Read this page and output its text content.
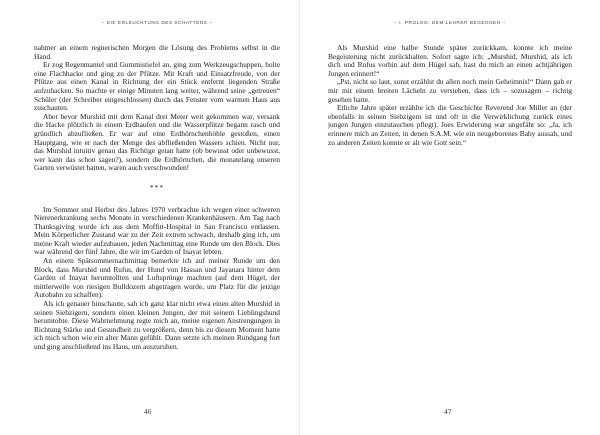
– DIE ERLEUCHTUNG DES SCHATTENS –

nahmer an einem regnerischen Morgen die Lösung des Problems selbst in die Hand.

Er zog Regenmantel und Gummistiefel an, ging zum Werkzeugschuppen, holte eine Flachhacke und ging zu der Pfütze. Mit Kraft und Einsatzfreude, von der Pfütze aus einen Kanal in Richtung der ein Stück entfernt liegenden Straße aufzuhacken. So machte er einige Minuten lang weiter, während seine „getreuen“ Schüler (der Schreiber eingeschlossen) durch das Fenster vom warmen Haus aus zuschauten.

Aber bevor Murshid mit dem Kanal drei Meter weit gekommen war, versank die Hacke plötzlich in einem Erdhaufen und die Wasserpfütze begann rasch und gründlich abzufließen. Er war auf eine Erdhörnchenhöhle gestoßen, einen Hauptgang, wie er nach der Menge des abfließenden Wassers schien. Nicht nur, das Murshid intuitiv genau das Richtige getan hatte (ob bewusst oder unbewusst, wer kann das schon sagen?), sondern die Erdhörnchen, die monatelang unseren Garten verwüstet hatten, waren auch verschwunden!

***

Im Sommer und Herbst des Jahres 1970 verbrachte ich wegen einer schweren Nierenerkrankung sechs Monate in verschiedenen Krankenhäusern. Am Tag nach Thanksgiving wurde ich aus dem Moffitt-Hospital in San Francisco entlassen. Mein Körperlicher Zustand war zu der Zeit extrem schwach, deshalb ging ich, um meine Kraft wieder aufzubauen, jeden Nachmittag eine Runde um den Block. Dies war während der fünf Jahre, die wir im Garden of Inayat lebten.

An einem Spätsommernachmittag bemerkte ich auf meiner Runde um den Block, dass Murshid und Rufus, der Hund von Hassan und Jayanara hinter dem Garden of Inayat herumtollten und Luftsprünge machten (auf dem Hügel, der mittlerweile von riesigen Bulldozern abgetragen wurde, um Platz für die jetzige Autobahn zu schaffen).

Als ich genauer hinschaute, sah ich ganz klar nicht etwa einen alten Murshid in seinen Siebzigern, sondern einen kleinen Jungen, der mit seinem Lieblingshund herumtobte. Diese Wahrnehmung regte mich an, meine eigenen Anstrengungen in Richtung Stärke und Gesundheit zu vergrößern, denn bis zu diesem Moment hatte ich mich schon wie ein alter Mann gefühlt. Dann setzte ich meinen Rundgang fort und ging anschließend ins Haus, um auszuruhen.

46
– I. PROLOG: DEM LEHRER BEGEGNEN –

Als Murshid eine halbe Stunde später zurückkam, konnte ich meine Begeisterung nicht zurückhalten. Sofort sagte ich: „Murshid, Murshid, als ich dich und Rufus vorhin auf dem Hügel sah, hast du mich an einen achtjährigen Jungen erinnert!“

„Pst, nicht so laut, sonst erzählst du allen noch mein Geheimnis!“ Dann gab er mir mit einem breiten Lächeln zu verstehen, dass ich – sozusagen – richtig gesehen hatte.

Etliche Jahre später erzählte ich die Geschichte Reverend Joe Miller an (der ebenfalls in seinen Siebzigern ist und oft in die Verwirklichung zurück eines jungen Jungen einzutauchen pflegt). Joes Erwiderung war ungefähr so: „Ja, ich erinnere mich an Zeiten, in denen S.A.M. wie ein neugeborenes Baby aussah, und zu anderen Zeiten konnte er alt wie Gott sein.“

47
